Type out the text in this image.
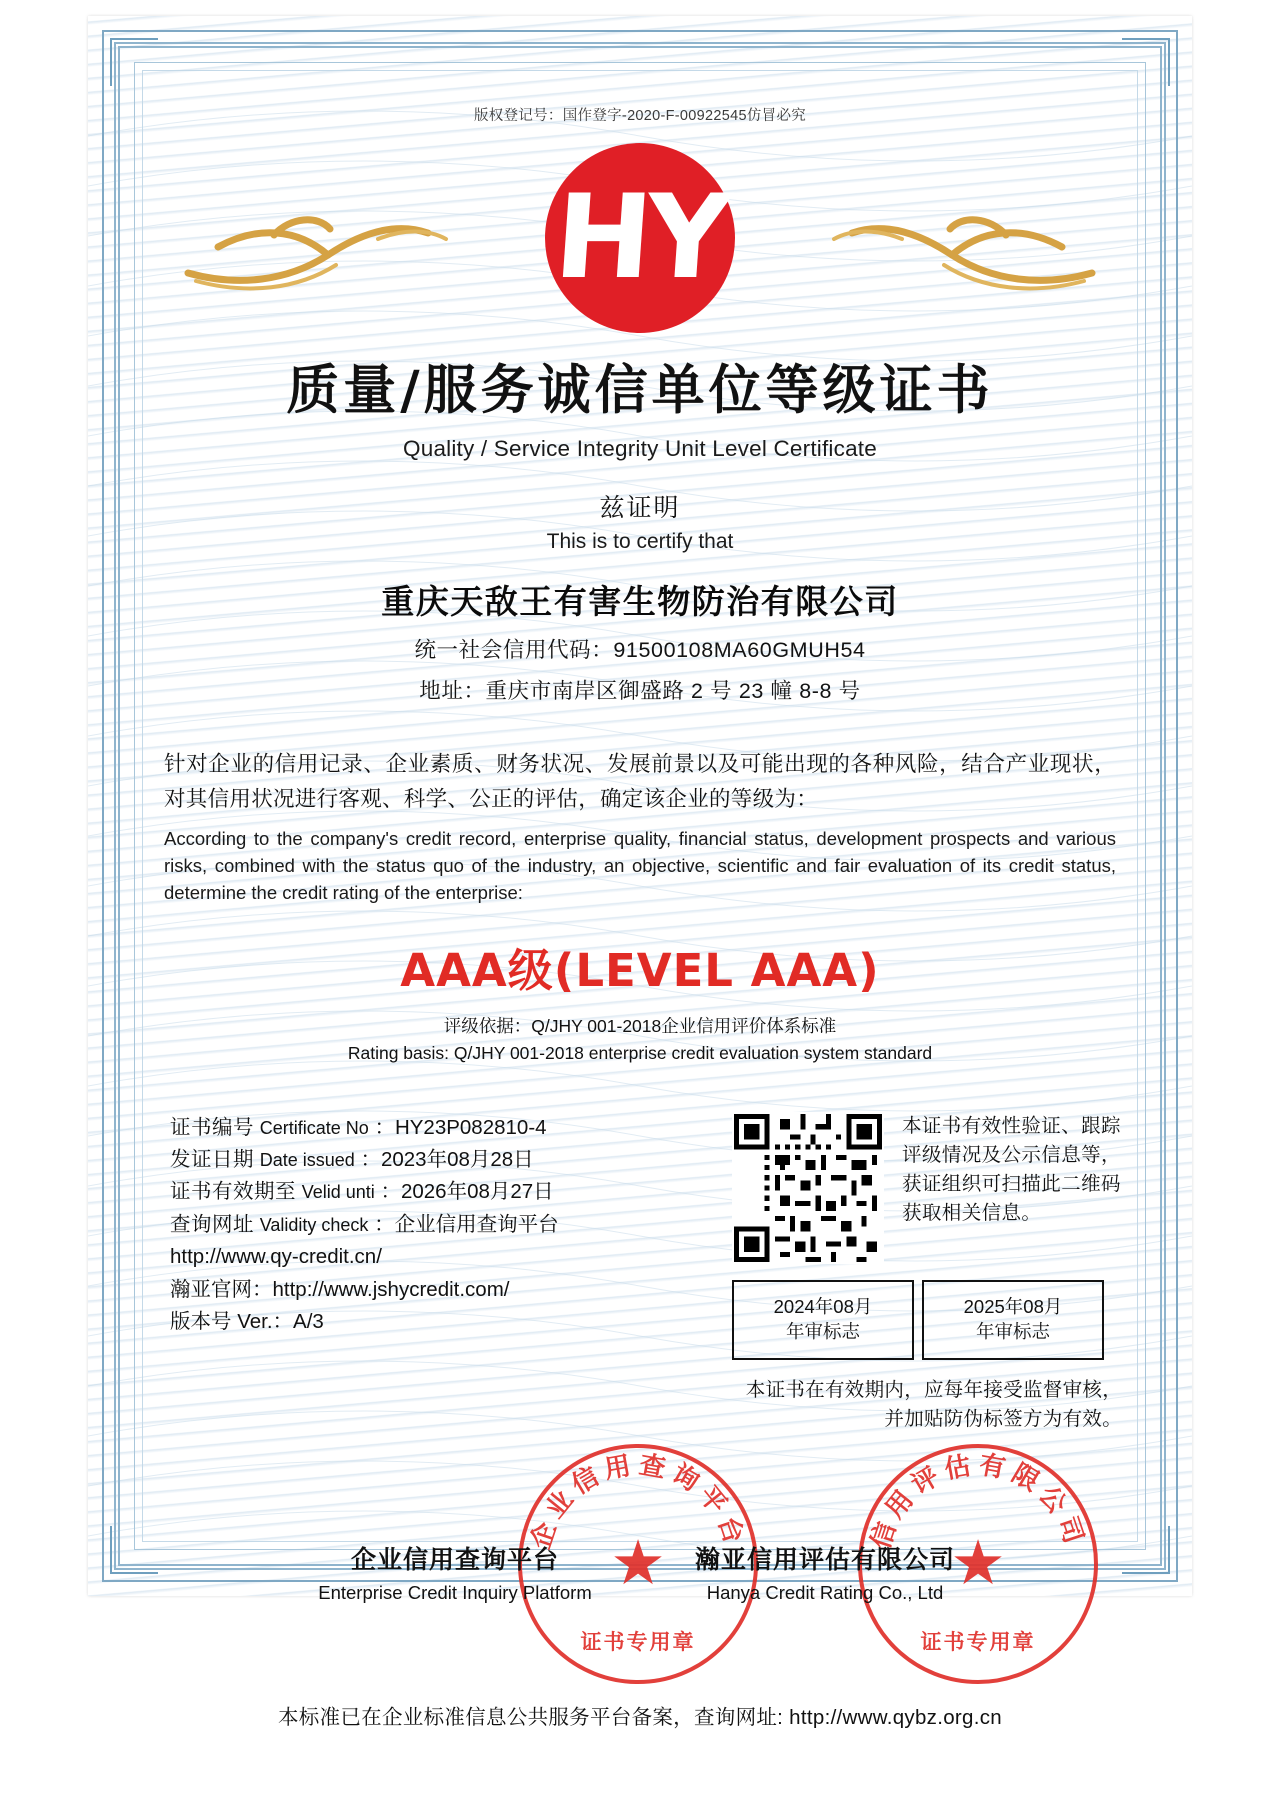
版权登记号：国作登字-2020-F-00922545仿冒必究
HY
质量/服务诚信单位等级证书
Quality / Service Integrity Unit Level Certificate
兹证明
This is to certify that
重庆天敌王有害生物防治有限公司
统一社会信用代码：91500108MA60GMUH54
地址：重庆市南岸区御盛路 2 号 23 幢 8-8 号
针对企业的信用记录、企业素质、财务状况、发展前景以及可能出现的各种风险，结合产业现状，对其信用状况进行客观、科学、公正的评估，确定该企业的等级为：
According to the company's credit record, enterprise quality, financial status, development prospects and various risks, combined with the status quo of the industry, an objective, scientific and fair evaluation of its credit status, determine the credit rating of the enterprise:
AAA级(LEVEL AAA)
评级依据：Q/JHY 001-2018企业信用评价体系标准
Rating basis: Q/JHY 001-2018 enterprise credit evaluation system standard
证书编号 Certificate No ：HY23P082810-4
发证日期 Date issued ：2023年08月28日
证书有效期至 Velid unti ：2026年08月27日
查询网址 Validity check ：企业信用查询平台
http://www.qy-credit.cn/
瀚亚官网：http://www.jshycredit.com/
版本号 Ver.：A/3
本证书有效性验证、跟踪评级情况及公示信息等，获证组织可扫描此二维码获取相关信息。
2024年08月
年审标志
2025年08月
年审标志
本证书在有效期内，应每年接受监督审核，并加贴防伪标签方为有效。
企业信用查询平台
★
证书专用章
信用评估有限公司
★
证书专用章
企业信用查询平台
Enterprise Credit Inquiry Platform
瀚亚信用评估有限公司
Hanya Credit Rating Co., Ltd
本标准已在企业标准信息公共服务平台备案，查询网址: http://www.qybz.org.cn
